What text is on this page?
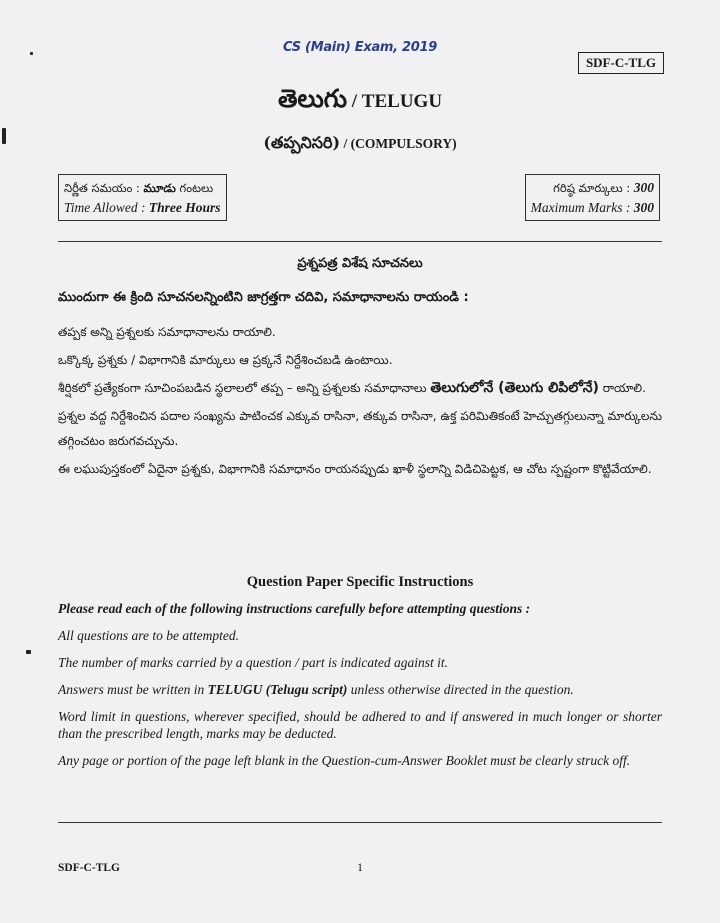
CS (Main) Exam, 2019
SDF-C-TLG
తెలుగు / TELUGU
(తప్పనిసరి) / (COMPULSORY)
నిర్ణీత సమయం : మూడు గంటలు
Time Allowed : Three Hours
గరిష్ఠ మార్కులు : 300
Maximum Marks : 300
ప్రశ్నపత్ర విశేష సూచనలు
ముందుగా ఈ క్రింది సూచనలన్నింటిని జాగ్రత్తగా చదివి, సమాధానాలను రాయండి :

తప్పక అన్ని ప్రశ్నలకు సమాధానాలను రాయాలి.

ఒక్కొక్క ప్రశ్నకు / విభాగానికి మార్కులు ఆ ప్రక్కనే నిర్దేశించబడి ఉంటాయి.

శీర్షికలో ప్రత్యేకంగా సూచింపబడిన స్థలాలలో తప్ప – అన్ని ప్రశ్నలకు సమాధానాలు తెలుగులోనే (తెలుగు లిపిలోనే) రాయాలి.

ప్రశ్నల వద్ద నిర్దేశించిన పదాల సంఖ్యను పాటించక ఎక్కువ రాసినా, తక్కువ రాసినా, ఉక్త పరిమితికంటే హెచ్చుతగ్గులున్నా మార్కులను తగ్గించటం జరుగవచ్చును.

ఈ లఘుపుస్తకంలో ఏదైనా ప్రశ్నకు, విభాగానికి సమాధానం రాయనప్పుడు ఖాళీ స్థలాన్ని విడిచిపెట్టక, ఆ చోట స్పష్టంగా కొట్టివేయాలి.

Question Paper Specific Instructions
Please read each of the following instructions carefully before attempting questions :

All questions are to be attempted.

The number of marks carried by a question / part is indicated against it.

Answers must be written in TELUGU (Telugu script) unless otherwise directed in the question.

Word limit in questions, wherever specified, should be adhered to and if answered in much longer or shorter than the prescribed length, marks may be deducted.

Any page or portion of the page left blank in the Question-cum-Answer Booklet must be clearly struck off.

SDF-C-TLG	1
